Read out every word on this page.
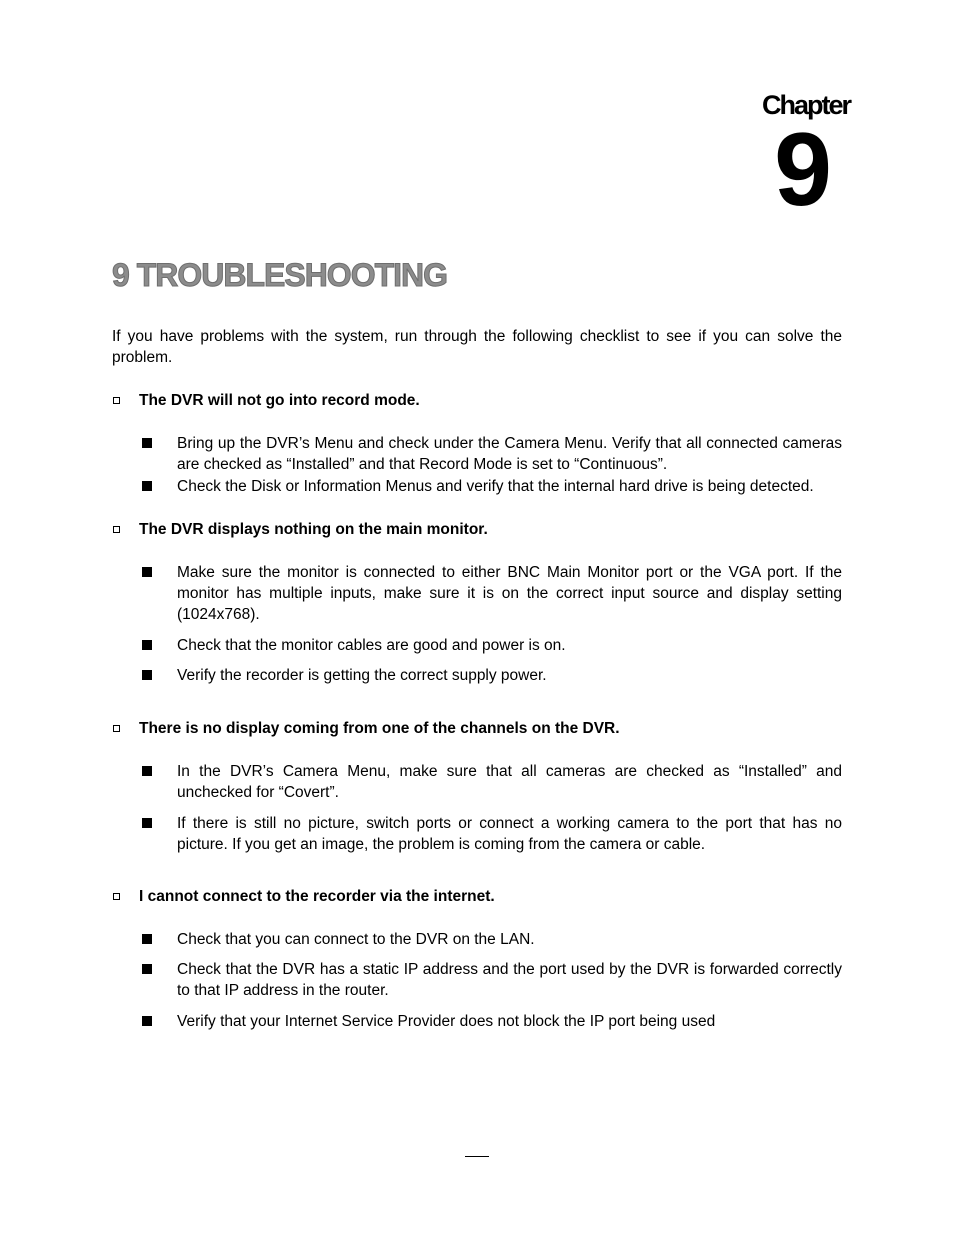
Chapter
9
9 TROUBLESHOOTING

If you have problems with the system, run through the following checklist to see if you can solve the problem.

The DVR will not go into record mode.

Bring up the DVR’s Menu and check under the Camera Menu. Verify that all connected cameras are checked as “Installed” and that Record Mode is set to “Continuous”.
Check the Disk or Information Menus and verify that the internal hard drive is being detected.

The DVR displays nothing on the main monitor.

Make sure the monitor is connected to either BNC Main Monitor port or the VGA port. If the monitor has multiple inputs, make sure it is on the correct input source and display setting (1024x768).
Check that the monitor cables are good and power is on.
Verify the recorder is getting the correct supply power.

There is no display coming from one of the channels on the DVR.

In the DVR’s Camera Menu, make sure that all cameras are checked as “Installed” and unchecked for “Covert”.
If there is still no picture, switch ports or connect a working camera to the port that has no picture. If you get an image, the problem is coming from the camera or cable.

I cannot connect to the recorder via the internet.

Check that you can connect to the DVR on the LAN.
Check that the DVR has a static IP address and the port used by the DVR is forwarded correctly to that IP address in the router.
Verify that your Internet Service Provider does not block the IP port being used
